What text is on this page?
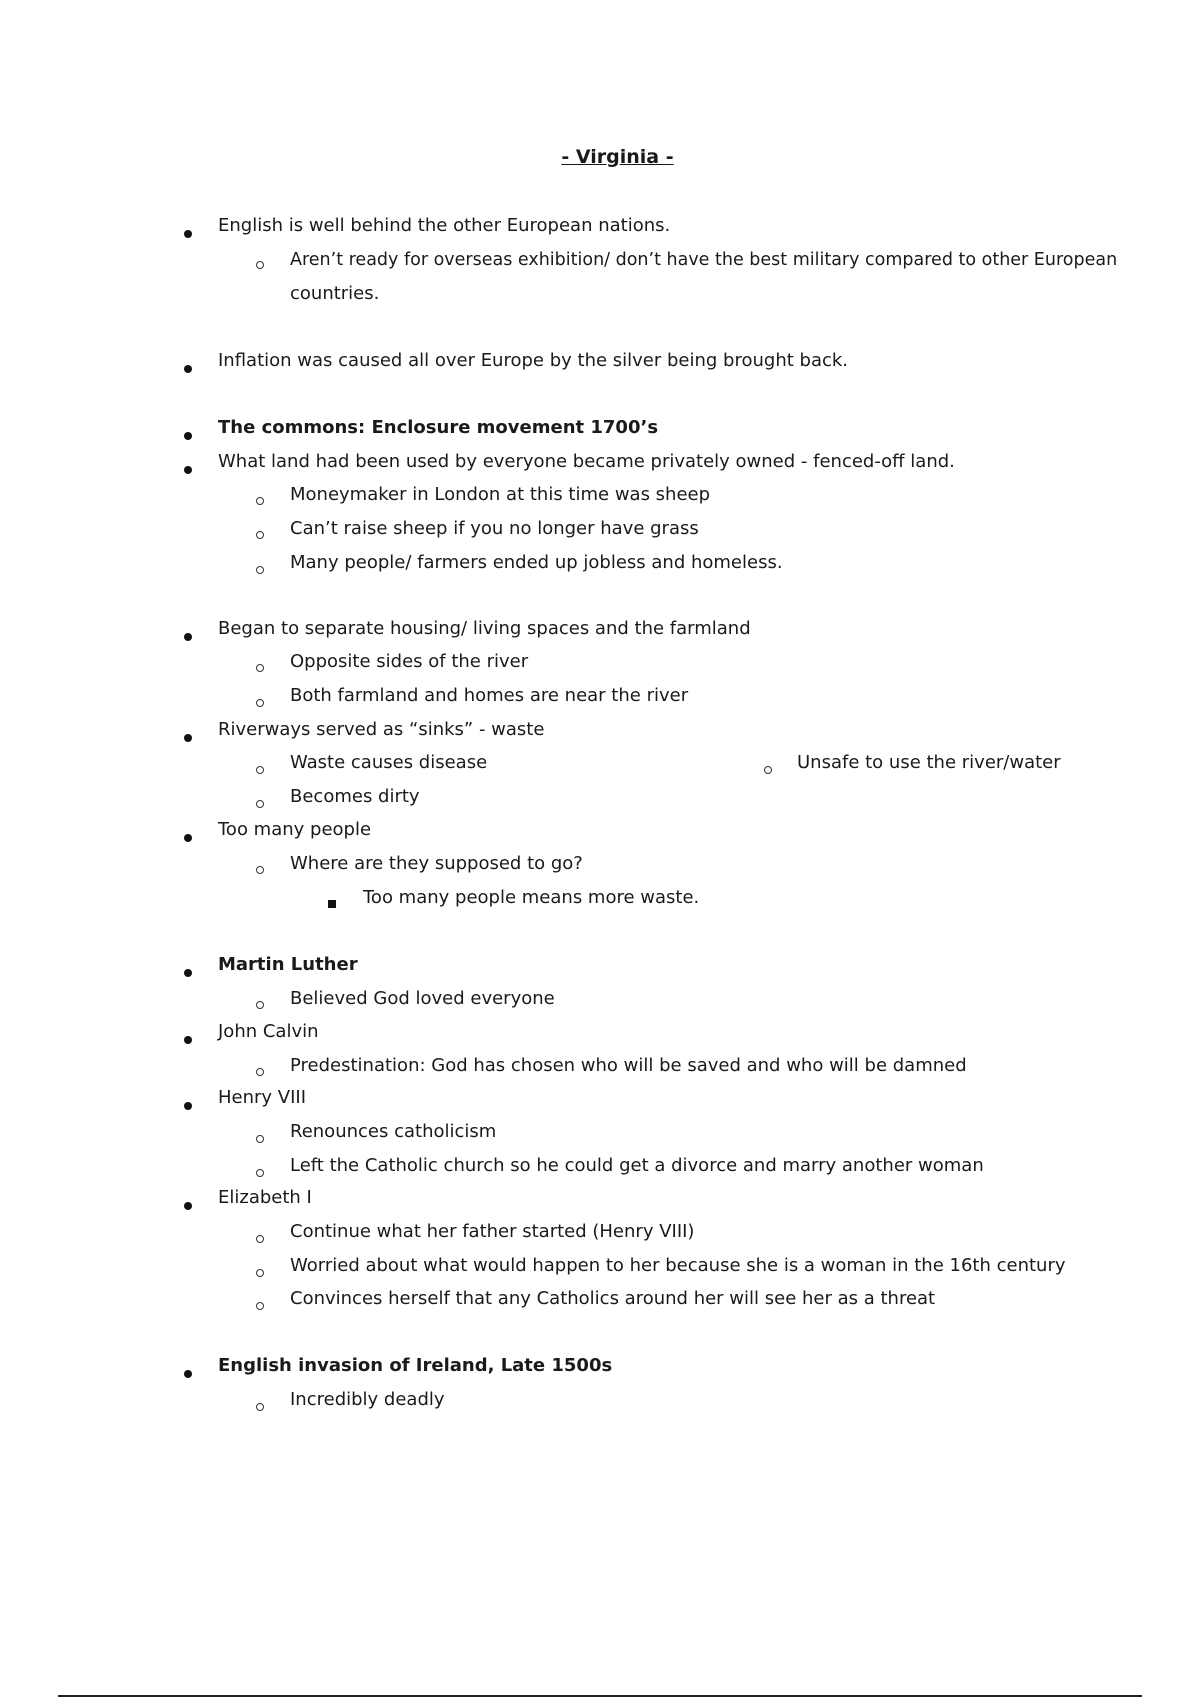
- Virginia -
English is well behind the other European nations.
Aren’t ready for overseas exhibition/ don’t have the best military compared to other European
countries.
Inflation was caused all over Europe by the silver being brought back.
The commons: Enclosure movement 1700’s
What land had been used by everyone became privately owned - fenced-off land.
Moneymaker in London at this time was sheep
Can’t raise sheep if you no longer have grass
Many people/ farmers ended up jobless and homeless.
Began to separate housing/ living spaces and the farmland
Opposite sides of the river
Both farmland and homes are near the river
Riverways served as “sinks” - waste
Waste causes disease	Unsafe to use the river/water
Becomes dirty
Too many people
Where are they supposed to go?
Too many people means more waste.
Martin Luther
Believed God loved everyone
John Calvin
Predestination: God has chosen who will be saved and who will be damned
Henry VIII
Renounces catholicism
Left the Catholic church so he could get a divorce and marry another woman
Elizabeth I
Continue what her father started (Henry VIII)
Worried about what would happen to her because she is a woman in the 16th century
Convinces herself that any Catholics around her will see her as a threat
English invasion of Ireland, Late 1500s
Incredibly deadly
